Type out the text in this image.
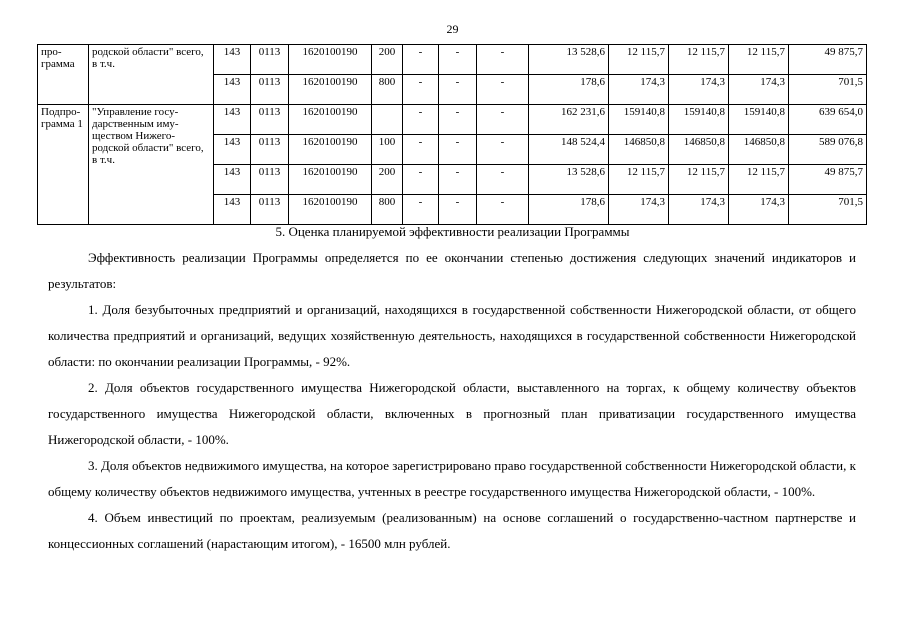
29
про-грамма	родской области" всего, в т.ч.	143	0113	1620100190	200	-	-	-	13 528,6	12 115,7	12 115,7	12 115,7	49 875,7
		143	0113	1620100190	800	-	-	-	178,6	174,3	174,3	174,3	701,5
Подпро-грамма 1	"Управление госу-дарственным иму-ществом Нижего-родской области" всего, в т.ч.	143	0113	1620100190		-	-	-	162 231,6	159140,8	159140,8	159140,8	639 654,0
		143	0113	1620100190	100	-	-	-	148 524,4	146850,8	146850,8	146850,8	589 076,8
		143	0113	1620100190	200	-	-	-	13 528,6	12 115,7	12 115,7	12 115,7	49 875,7
		143	0113	1620100190	800	-	-	-	178,6	174,3	174,3	174,3	701,5
5. Оценка планируемой эффективности реализации Программы

Эффективность реализации Программы определяется по ее окончании степенью достижения следующих значений индикаторов и результатов:

1. Доля безубыточных предприятий и организаций, находящихся в государственной собственности Нижегородской области, от общего количества предприятий и организаций, ведущих хозяйственную деятельность, находящихся в государственной собственности Нижегородской области: по окончании реализации Программы, - 92%.

2. Доля объектов государственного имущества Нижегородской области, выставленного на торгах, к общему количеству объектов государственного имущества Нижегородской области, включенных в прогнозный план приватизации государственного имущества Нижегородской области, - 100%.

3. Доля объектов недвижимого имущества, на которое зарегистрировано право государственной собственности Нижегородской области, к общему количеству объектов недвижимого имущества, учтенных в реестре государственного имущества Нижегородской области, - 100%.

4. Объем инвестиций по проектам, реализуемым (реализованным) на основе соглашений о государственно-частном партнерстве и концессионных соглашений (нарастающим итогом), - 16500 млн рублей.
